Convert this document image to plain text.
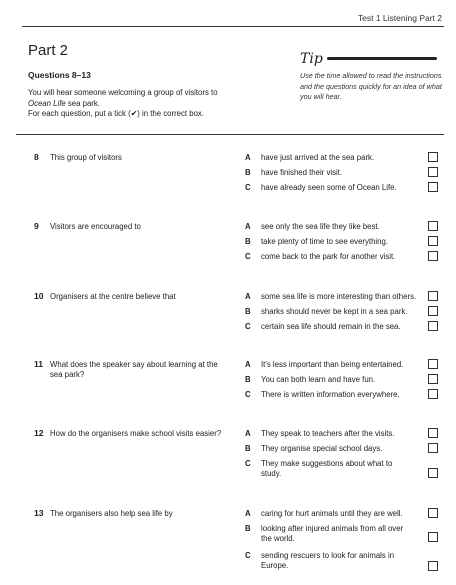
Test 1 Listening Part 2
Part 2
Questions 8–13
You will hear someone welcoming a group of visitors to
Ocean Life sea park.
For each question, put a tick (✔) in the correct box.
Tip
Use the time allowed to read the instructions and the questions quickly for an idea of what you will hear.
8 This group of visitors	A have just arrived at the sea park.
B have finished their visit.
C have already seen some of Ocean Life.
9 Visitors are encouraged to	A see only the sea life they like best.
B take plenty of time to see everything.
C come back to the park for another visit.
10 Organisers at the centre believe that	A some sea life is more interesting than others.
B sharks should never be kept in a sea park.
C certain sea life should remain in the sea.
11 What does the speaker say about learning at the sea park?
A It's less important than being entertained.
B You can both learn and have fun.
C There is written information everywhere.
12 How do the organisers make school visits easier?	A They speak to teachers after the visits.
B They organise special school days.
C They make suggestions about what to study.
13 The organisers also help sea life by	A caring for hurt animals until they are well.
B looking after injured animals from all over the world.
C sending rescuers to look for animals in Europe.
